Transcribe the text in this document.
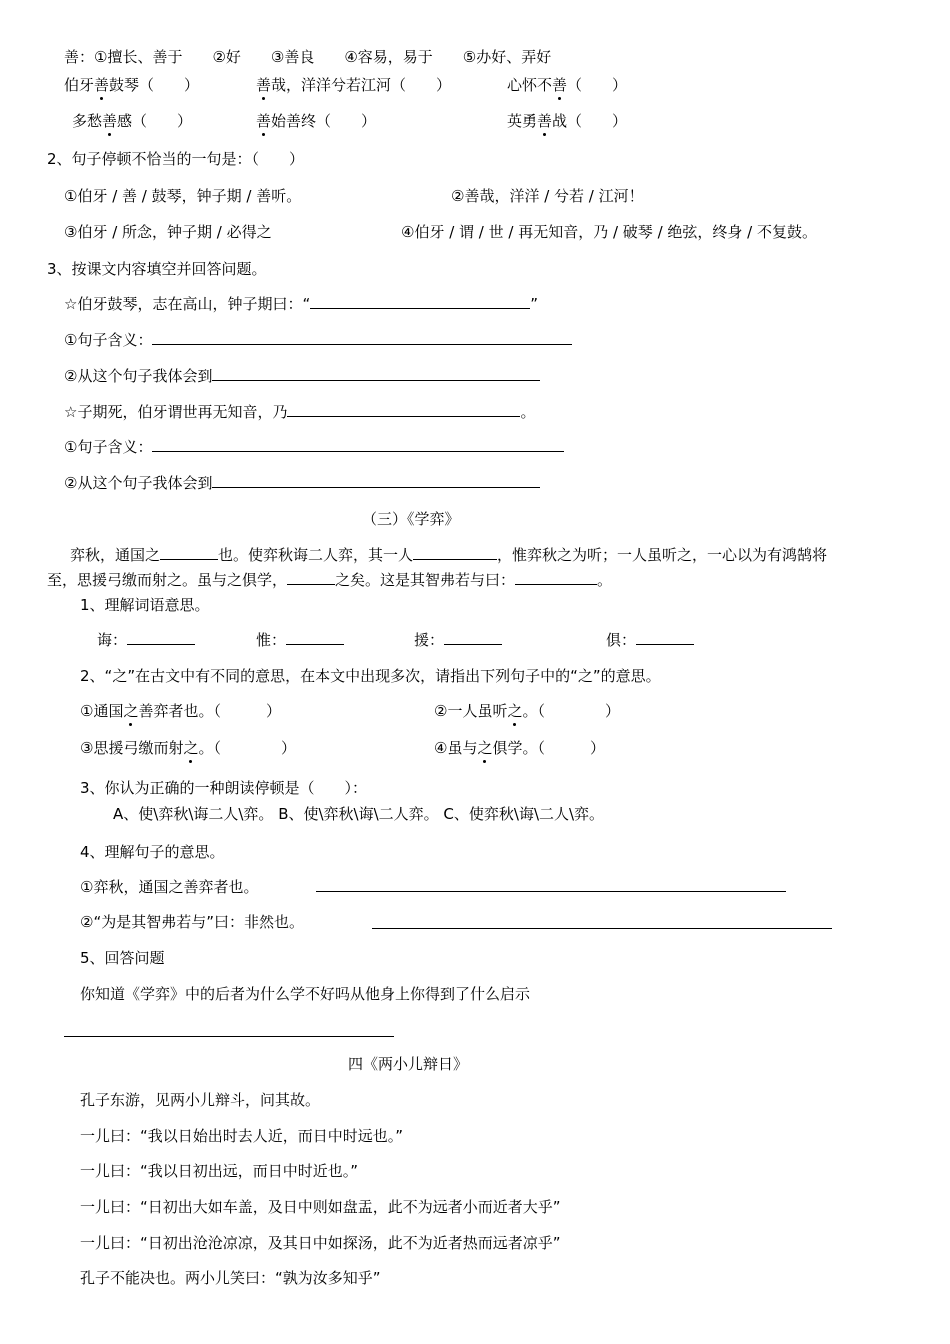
善：①擅长、善于　　②好　　③善良　　④容易，易于　　⑤办好、弄好
伯牙善鼓琴（　　）	善哉，洋洋兮若江河（　　）	心怀不善（　　）
多愁善感（　　）	善始善终（　　）	英勇善战（　　）
2、句子停顿不恰当的一句是：（　　）
①伯牙 / 善 / 鼓琴，钟子期 / 善听。	②善哉，洋洋 / 兮若 / 江河！
③伯牙 / 所念，钟子期 / 必得之	④伯牙 / 谓 / 世 / 再无知音，乃 / 破琴 / 绝弦，终身 / 不复鼓。
3、按课文内容填空并回答问题。
☆伯牙鼓琴，志在高山，钟子期曰：“	”
①句子含义：
②从这个句子我体会到
☆子期死，伯牙谓世再无知音，乃	。
①句子含义：
②从这个句子我体会到
（三）《学弈》
弈秋，通国之	也。使弈秋诲二人弈，其一人	，惟弈秋之为听；一人虽听之，一心以为有鸿鹄将
至，思援弓缴而射之。虽与之俱学，	之矣。这是其智弗若与曰：	。
1、理解词语意思。
诲：	惟：	援：	俱：
2、“之”在古文中有不同的意思，在本文中出现多次，请指出下列句子中的“之”的意思。
①通国之善弈者也。（　　　）	②一人虽听之。（　　　　）
③思援弓缴而射之。（　　　　）	④虽与之俱学。（　　　）
3、你认为正确的一种朗读停顿是（　　）：
A、使\弈秋\诲二人\弈。 B、使\弈秋\诲\二人弈。 C、使弈秋\诲\二人\弈。
4、理解句子的意思。
①弈秋，通国之善弈者也。
②“为是其智弗若与”曰：非然也。
5、回答问题
你知道《学弈》中的后者为什么学不好吗从他身上你得到了什么启示
四《两小儿辩日》
孔子东游，见两小儿辩斗，问其故。
一儿曰：“我以日始出时去人近，而日中时远也。”
一儿曰：“我以日初出远，而日中时近也。”
一儿曰：“日初出大如车盖，及日中则如盘盂，此不为远者小而近者大乎”
一儿曰：“日初出沧沧凉凉，及其日中如探汤，此不为近者热而远者凉乎”
孔子不能决也。两小儿笑曰：“孰为汝多知乎”
